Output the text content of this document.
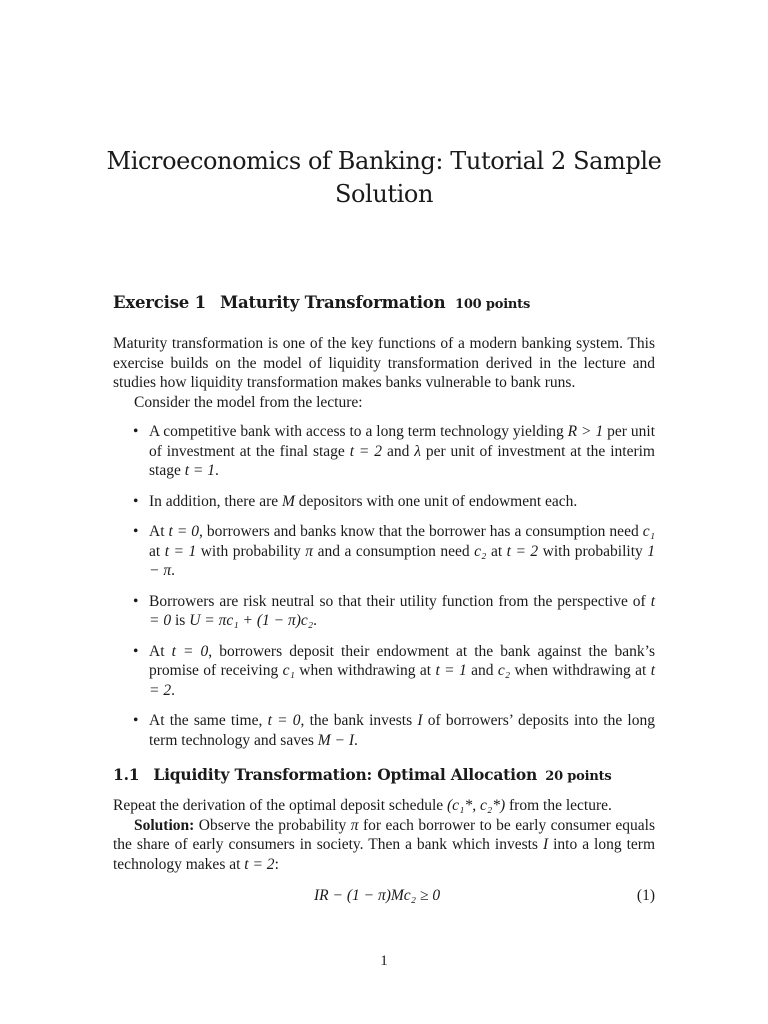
Microeconomics of Banking: Tutorial 2 Sample
Solution
Exercise 1 Maturity Transformation 100 points

Maturity transformation is one of the key functions of a modern banking system. This exercise builds on the model of liquidity transformation derived in the lecture and studies how liquidity transformation makes banks vulnerable to bank runs.

Consider the model from the lecture:

• A competitive bank with access to a long term technology yielding R > 1 per unit of investment at the final stage t = 2 and λ per unit of investment at the interim stage t = 1.
• In addition, there are M depositors with one unit of endowment each.
• At t = 0, borrowers and banks know that the borrower has a consumption need c₁ at t = 1 with probability π and a consumption need c₂ at t = 2 with probability 1 − π.
• Borrowers are risk neutral so that their utility function from the perspective of t = 0 is U = πc₁ + (1 − π)c₂.
• At t = 0, borrowers deposit their endowment at the bank against the bank’s promise of receiving c₁ when withdrawing at t = 1 and c₂ when withdrawing at t = 2.
• At the same time, t = 0, the bank invests I of borrowers’ deposits into the long term technology and saves M − I.
1.1 Liquidity Transformation: Optimal Allocation 20 points

Repeat the derivation of the optimal deposit schedule (c₁*, c₂*) from the lecture.

Solution: Observe the probability π for each borrower to be early consumer equals the share of early consumers in society. Then a bank which invests I into a long term technology makes at t = 2:

IR − (1 − π)Mc₂ ≥ 0	(1)
1
